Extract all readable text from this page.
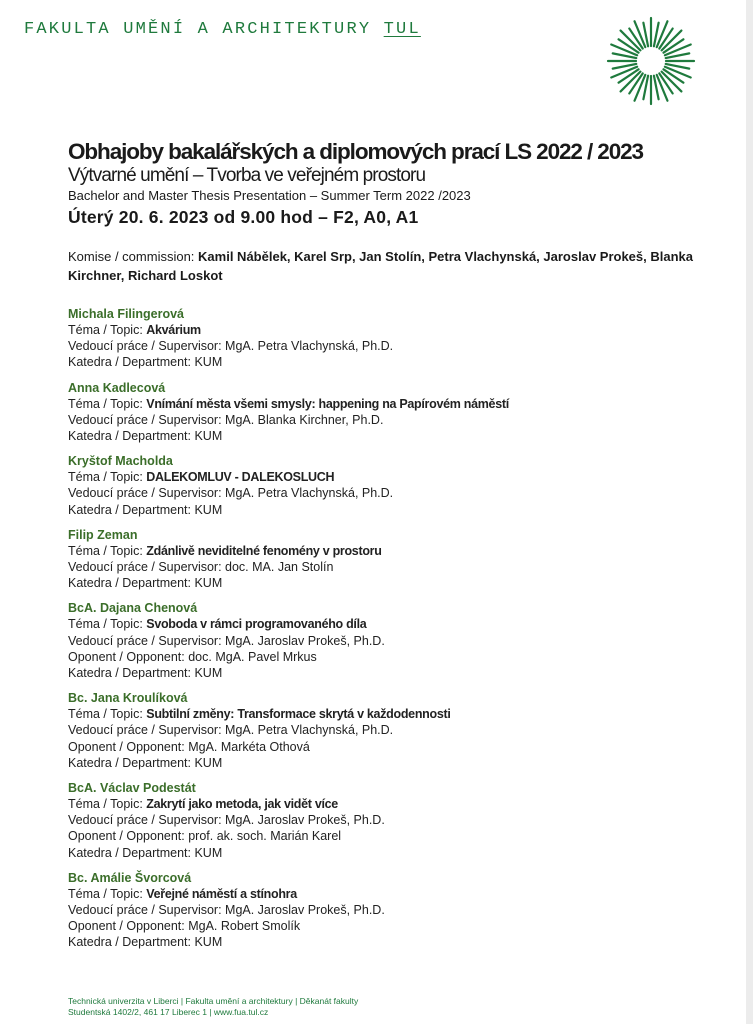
FAKULTA UMĚNÍ A ARCHITEKTURY TUL
Obhajoby bakalářských a diplomových prací LS 2022 / 2023
Výtvarné umění – Tvorba ve veřejném prostoru
Bachelor and Master Thesis Presentation – Summer Term 2022 /2023
Úterý 20. 6. 2023 od 9.00 hod – F2, A0, A1
Komise / commission: Kamil Nábělek, Karel Srp, Jan Stolín, Petra Vlachynská, Jaroslav Prokeš, Blanka Kirchner, Richard Loskot
Michala Filingerová
Téma / Topic: Akvárium
Vedoucí práce / Supervisor: MgA. Petra Vlachynská, Ph.D.
Katedra / Department: KUM
Anna Kadlecová
Téma / Topic: Vnímání města všemi smysly: happening na Papírovém náměstí
Vedoucí práce / Supervisor: MgA. Blanka Kirchner, Ph.D.
Katedra / Department: KUM
Kryštof Macholda
Téma / Topic: DALEKOMLUV - DALEKOSLUCH
Vedoucí práce / Supervisor: MgA. Petra Vlachynská, Ph.D.
Katedra / Department: KUM
Filip Zeman
Téma / Topic: Zdánlivě neviditelné fenomény v prostoru
Vedoucí práce / Supervisor: doc. MA. Jan Stolín
Katedra / Department: KUM
BcA. Dajana Chenová
Téma / Topic: Svoboda v rámci programovaného díla
Vedoucí práce / Supervisor: MgA. Jaroslav Prokeš, Ph.D.
Oponent / Opponent: doc. MgA. Pavel Mrkus
Katedra / Department: KUM
Bc. Jana Kroulíková
Téma / Topic: Subtilní změny: Transformace skrytá v každodennosti
Vedoucí práce / Supervisor: MgA. Petra Vlachynská, Ph.D.
Oponent / Opponent: MgA. Markéta Othová
Katedra / Department: KUM
BcA. Václav Podestát
Téma / Topic: Zakrytí jako metoda, jak vidět více
Vedoucí práce / Supervisor: MgA. Jaroslav Prokeš, Ph.D.
Oponent / Opponent: prof. ak. soch. Marián Karel
Katedra / Department: KUM
Bc. Amálie Švorcová
Téma / Topic: Veřejné náměstí a stínohra
Vedoucí práce / Supervisor: MgA. Jaroslav Prokeš, Ph.D.
Oponent / Opponent: MgA. Robert Smolík
Katedra / Department: KUM
Technická univerzita v Liberci | Fakulta umění a architektury | Děkanát fakulty
Studentská 1402/2, 461 17 Liberec 1 | www.fua.tul.cz
